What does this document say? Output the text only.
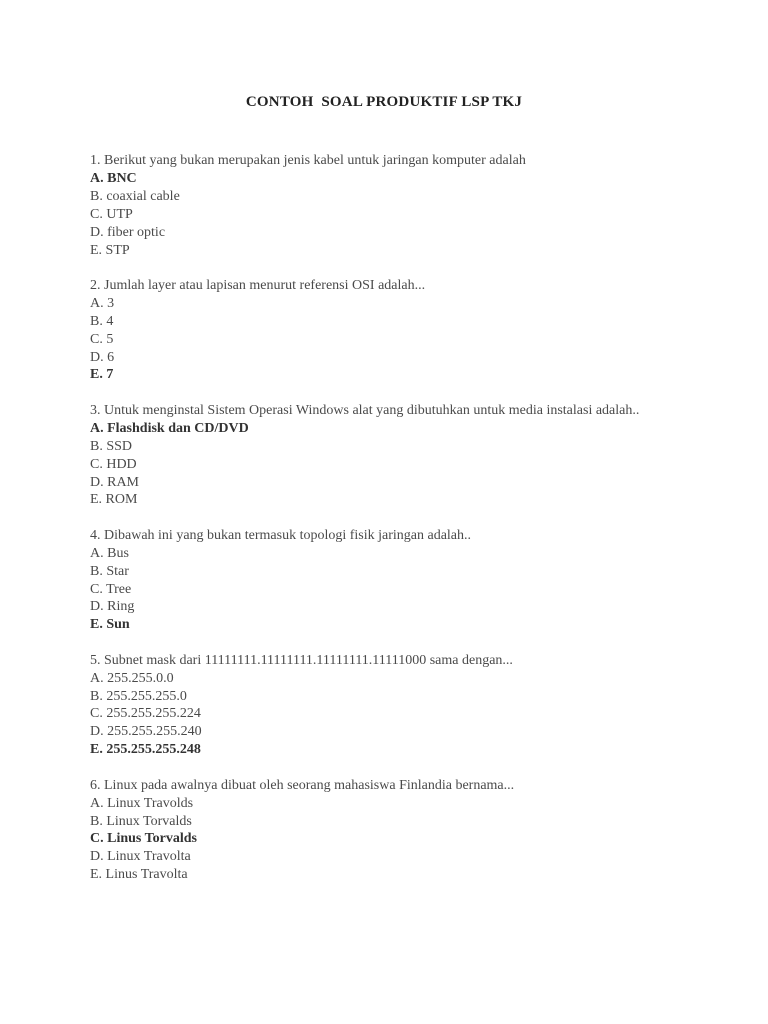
CONTOH  SOAL PRODUKTIF LSP TKJ
1. Berikut yang bukan merupakan jenis kabel untuk jaringan komputer adalah
A. BNC
B. coaxial cable
C. UTP
D. fiber optic
E. STP
2. Jumlah layer atau lapisan menurut referensi OSI adalah...
A. 3
B. 4
C. 5
D. 6
E. 7
3. Untuk menginstal Sistem Operasi Windows alat yang dibutuhkan untuk media instalasi adalah..
A. Flashdisk dan CD/DVD
B. SSD
C. HDD
D. RAM
E. ROM
4. Dibawah ini yang bukan termasuk topologi fisik jaringan adalah..
A. Bus
B. Star
C. Tree
D. Ring
E. Sun
5. Subnet mask dari 11111111.11111111.11111111.11111000 sama dengan...
A. 255.255.0.0
B. 255.255.255.0
C. 255.255.255.224
D. 255.255.255.240
E. 255.255.255.248
6. Linux pada awalnya dibuat oleh seorang mahasiswa Finlandia bernama...
A. Linux Travolds
B. Linux Torvalds
C. Linus Torvalds
D. Linux Travolta
E. Linus Travolta
